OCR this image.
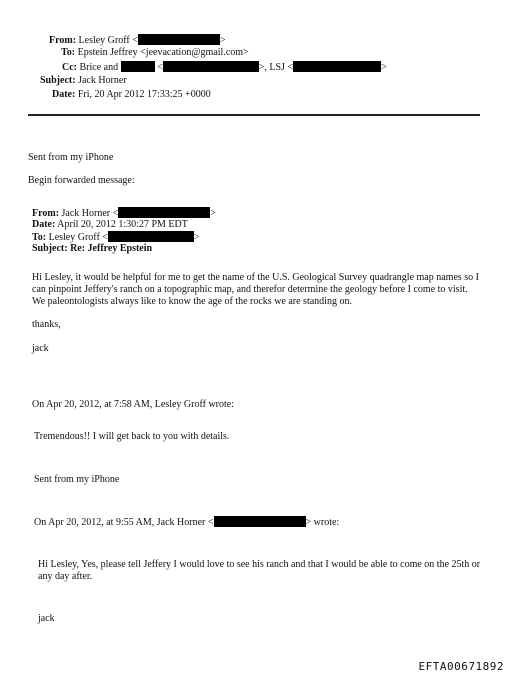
From: Lesley Groff <	>
To: Epstein Jeffrey <jeevacation@gmail.com>
Cc: Brice and	<	>, LSJ <	>
Subject: Jack Horner
Date: Fri, 20 Apr 2012 17:33:25 +0000
Sent from my iPhone
Begin forwarded message:
From: Jack Horner <	>
Date: April 20, 2012 1:30:27 PM EDT
To: Lesley Groff <	>
Subject: Re: Jeffrey Epstein
Hi Lesley, it would be helpful for me to get the name of the U.S. Geological Survey quadrangle map names so I can pinpoint Jeffery's ranch on a topographic map, and therefor determine the geology before I come to visit. We paleontologists always like to know the age of the rocks we are standing on.
thanks,
jack
On Apr 20, 2012, at 7:58 AM, Lesley Groff wrote:
Tremendous!! I will get back to you with details.
Sent from my iPhone
On Apr 20, 2012, at 9:55 AM, Jack Horner <	> wrote:
Hi Lesley, Yes, please tell Jeffery I would love to see his ranch and that I would be able to come on the 25th or any day after.
jack
EFTA00671892
